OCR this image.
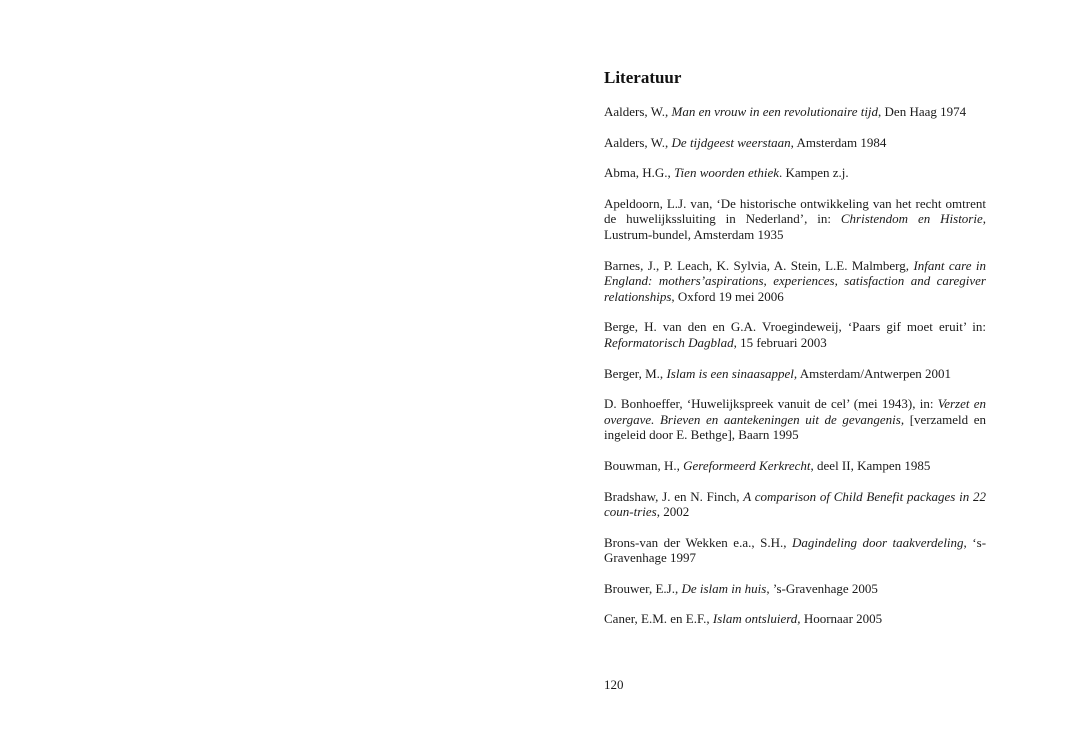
Literatuur
Aalders, W., Man en vrouw in een revolutionaire tijd, Den Haag 1974
Aalders, W., De tijdgeest weerstaan, Amsterdam 1984
Abma, H.G., Tien woorden ethiek. Kampen z.j.
Apeldoorn, L.J. van, ‘De historische ontwikkeling van het recht omtrent de huwelijkssluiting in Nederland’, in: Christendom en Historie, Lustrum-bundel, Amsterdam 1935
Barnes, J., P. Leach, K. Sylvia, A. Stein, L.E. Malmberg, Infant care in England: mothers’aspirations, experiences, satisfaction and caregiver relationships, Oxford 19 mei 2006
Berge, H. van den en G.A. Vroegindeweij, ‘Paars gif moet eruit’ in: Reformatorisch Dagblad, 15 februari 2003
Berger, M., Islam is een sinaasappel, Amsterdam/Antwerpen 2001
D. Bonhoeffer, ‘Huwelijkspreek vanuit de cel’ (mei 1943), in: Verzet en overgave. Brieven en aantekeningen uit de gevangenis, [verzameld en ingeleid door E. Bethge], Baarn 1995
Bouwman, H., Gereformeerd Kerkrecht, deel II, Kampen 1985
Bradshaw, J. en N. Finch, A comparison of Child Benefit packages in 22 coun-tries, 2002
Brons-van der Wekken e.a., S.H., Dagindeling door taakverdeling, ‘s-Gravenhage 1997
Brouwer, E.J., De islam in huis, ’s-Gravenhage 2005
Caner, E.M. en E.F., Islam ontsluierd, Hoornaar 2005

120
